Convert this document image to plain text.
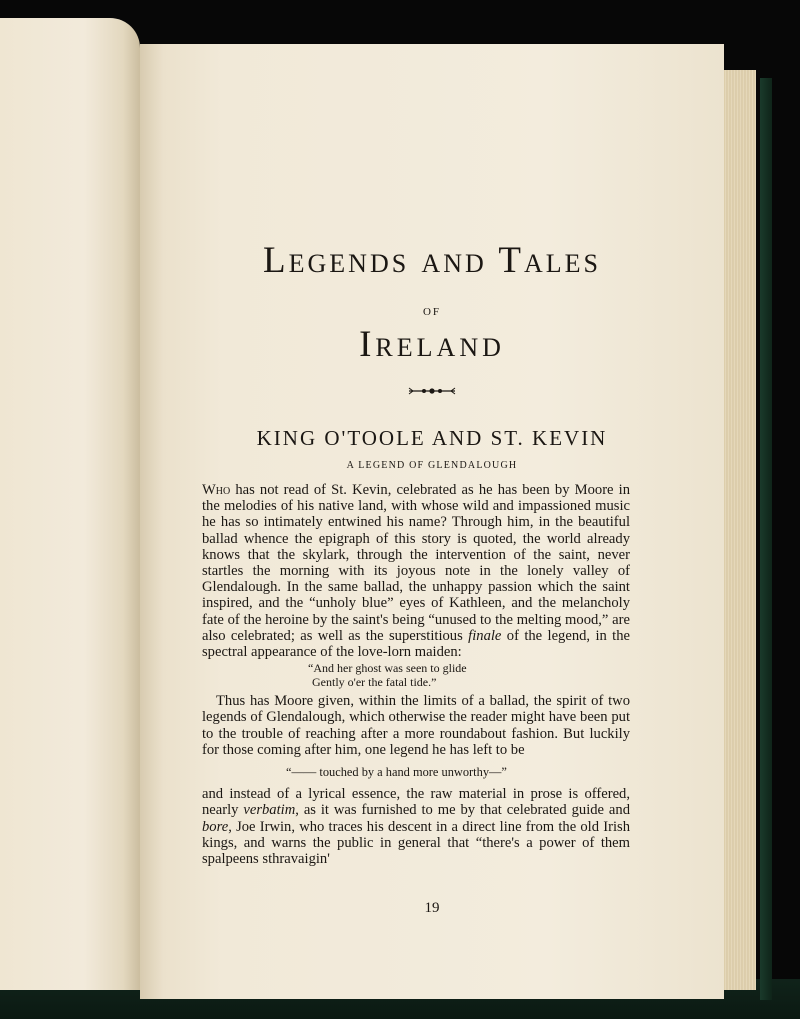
Legends and Tales
OF
Ireland
KING O'TOOLE AND ST. KEVIN
A LEGEND OF GLENDALOUGH

Who has not read of St. Kevin, celebrated as he has been by Moore in the melodies of his native land, with whose wild and impassioned music he has so intimately entwined his name? Through him, in the beautiful ballad whence the epigraph of this story is quoted, the world already knows that the skylark, through the intervention of the saint, never startles the morning with its joyous note in the lonely valley of Glendalough. In the same ballad, the unhappy passion which the saint inspired, and the “unholy blue” eyes of Kathleen, and the melancholy fate of the heroine by the saint's being “unused to the melting mood,” are also celebrated; as well as the superstitious finale of the legend, in the spectral appearance of the love-lorn maiden:

“And her ghost was seen to glide
Gently o'er the fatal tide.”

Thus has Moore given, within the limits of a ballad, the spirit of two legends of Glendalough, which otherwise the reader might have been put to the trouble of reaching after a more roundabout fashion. But luckily for those coming after him, one legend he has left to be

“—— touched by a hand more unworthy—”

and instead of a lyrical essence, the raw material in prose is offered, nearly verbatim, as it was furnished to me by that celebrated guide and bore, Joe Irwin, who traces his descent in a direct line from the old Irish kings, and warns the public in general that “there's a power of them spalpeens sthravaigin'

19
